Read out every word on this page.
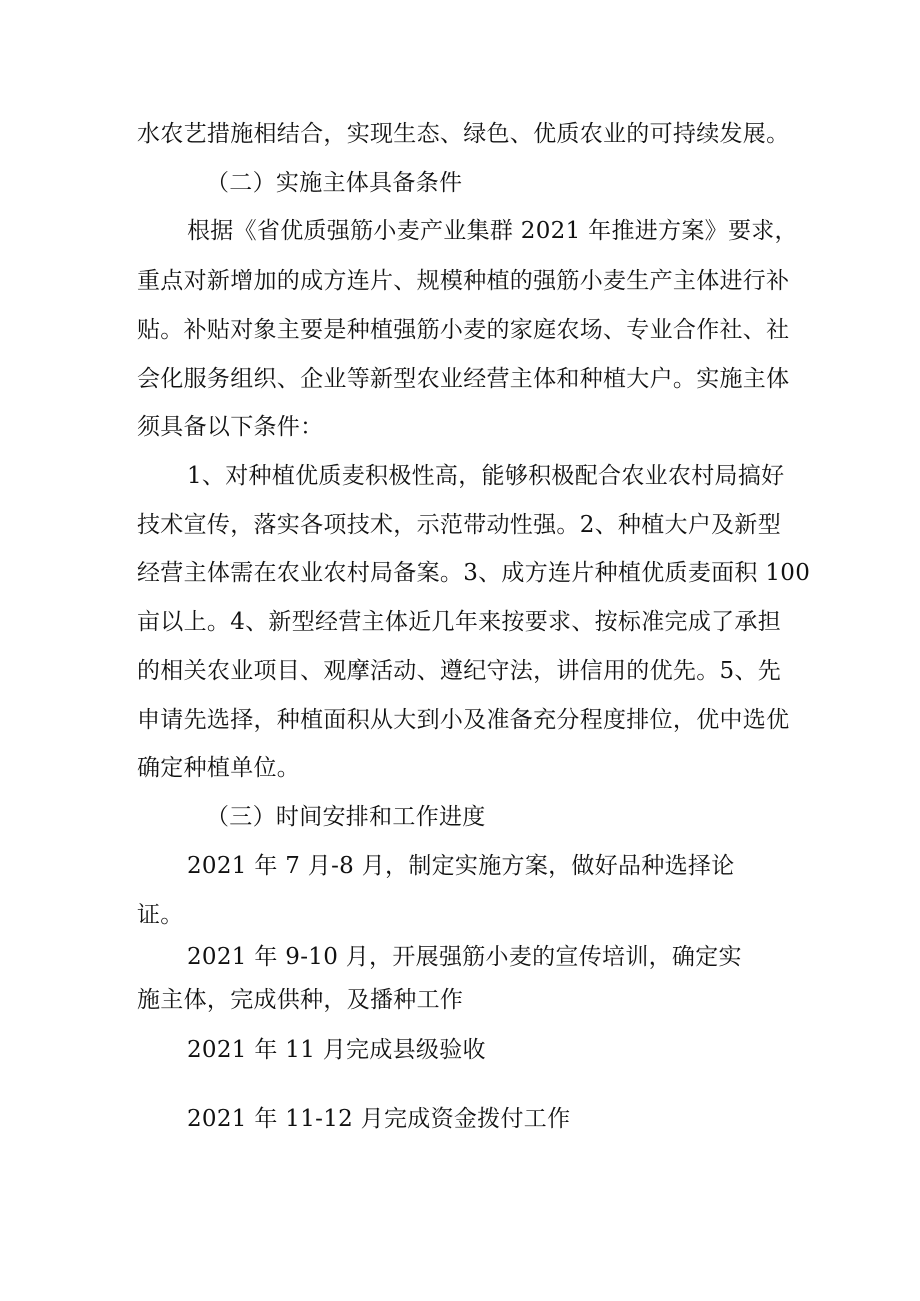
水农艺措施相结合，实现生态、绿色、优质农业的可持续发展。
（二）实施主体具备条件
根据《省优质强筋小麦产业集群 2021 年推进方案》要求，
重点对新增加的成方连片、规模种植的强筋小麦生产主体进行补
贴。补贴对象主要是种植强筋小麦的家庭农场、专业合作社、社
会化服务组织、企业等新型农业经营主体和种植大户。实施主体
须具备以下条件：
1、对种植优质麦积极性高，能够积极配合农业农村局搞好
技术宣传，落实各项技术，示范带动性强。2、种植大户及新型
经营主体需在农业农村局备案。3、成方连片种植优质麦面积 100
亩以上。4、新型经营主体近几年来按要求、按标准完成了承担
的相关农业项目、观摩活动、遵纪守法，讲信用的优先。5、先
申请先选择，种植面积从大到小及准备充分程度排位，优中选优
确定种植单位。
（三）时间安排和工作进度
2021 年 7 月-8 月，制定实施方案，做好品种选择论
证。
2021 年 9-10 月，开展强筋小麦的宣传培训，确定实
施主体，完成供种，及播种工作
2021 年 11 月完成县级验收
2021 年 11-12 月完成资金拨付工作
